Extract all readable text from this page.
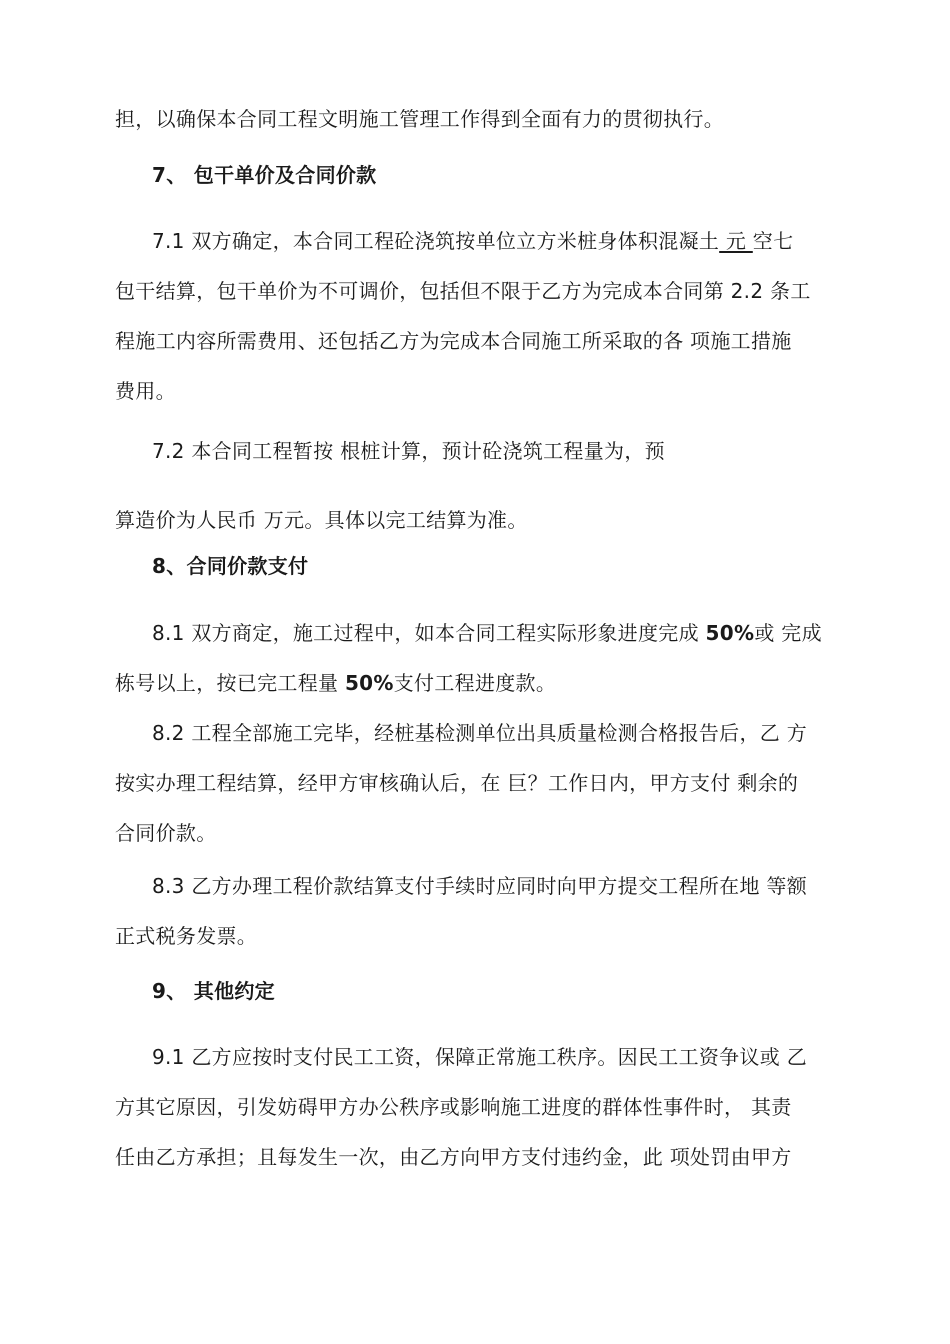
担，以确保本合同工程文明施工管理工作得到全面有力的贯彻执行。
7、 包干单价及合同价款
7.1 双方确定，本合同工程砼浇筑按单位立方米桩身体积混凝土 元 空七
包干结算，包干单价为不可调价，包括但不限于乙方为完成本合同第 2.2 条工
程施工内容所需费用、还包括乙方为完成本合同施工所采取的各 项施工措施
费用。
7.2 本合同工程暂按 根桩计算，预计砼浇筑工程量为，预
算造价为人民币 万元。具体以完工结算为准。
8、合同价款支付
8.1 双方商定，施工过程中，如本合同工程实际形象进度完成 50%或 完成
栋号以上，按已完工程量 50%支付工程进度款。
8.2 工程全部施工完毕，经桩基检测单位出具质量检测合格报告后，乙 方
按实办理工程结算，经甲方审核确认后，在 巨？工作日内，甲方支付 剩余的
合同价款。
8.3 乙方办理工程价款结算支付手续时应同时向甲方提交工程所在地 等额
正式税务发票。
9、 其他约定
9.1 乙方应按时支付民工工资，保障正常施工秩序。因民工工资争议或 乙
方其它原因，引发妨碍甲方办公秩序或影响施工进度的群体性事件时， 其责
任由乙方承担；且每发生一次，由乙方向甲方支付违约金，此 项处罚由甲方
